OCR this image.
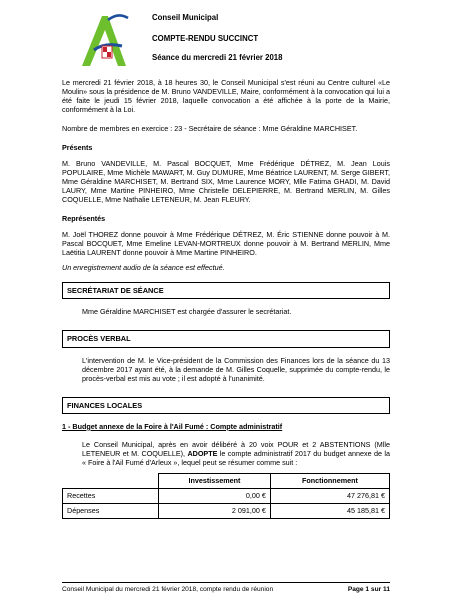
Conseil Municipal
COMPTE-RENDU SUCCINCT
Séance du mercredi 21 février 2018

Le mercredi 21 février 2018, à 18 heures 30, le Conseil Municipal s'est réuni au Centre culturel «Le Moulin» sous la présidence de M. Bruno VANDEVILLE, Maire, conformément à la convocation qui lui a été faite le jeudi 15 février 2018, laquelle convocation a été affichée à la porte de la Mairie, conformément à la Loi.

Nombre de membres en exercice : 23 - Secrétaire de séance : Mme Géraldine MARCHISET.

Présents

M. Bruno VANDEVILLE, M. Pascal BOCQUET, Mme Frédérique DÉTREZ, M. Jean Louis POPULAIRE, Mme Michèle MAWART, M. Guy DUMURE, Mme Béatrice LAURENT, M. Serge GIBERT, Mme Géraldine MARCHISET, M. Bertrand SIX, Mme Laurence MORY, Mlle Fatima GHADI, M. David LAURY, Mme Martine PINHEIRO, Mme Christelle DELEPIERRE, M. Bertrand MERLIN, M. Gilles COQUELLE, Mme Nathalie LETENEUR, M. Jean FLEURY.

Représentés

M. Joël THOREZ donne pouvoir à Mme Frédérique DÉTREZ, M. Éric STIENNE donne pouvoir à M. Pascal BOCQUET, Mme Emeline LEVAN-MORTREUX donne pouvoir à M. Bertrand MERLIN, Mme Laëtitia LAURENT donne pouvoir à Mme Martine PINHEIRO.

Un enregistrement audio de la séance est effectué.

SECRÉTARIAT DE SÉANCE

Mme Géraldine MARCHISET est chargée d'assurer le secrétariat.

PROCÈS VERBAL

L'intervention de M. le Vice-président de la Commission des Finances lors de la séance du 13 décembre 2017 ayant été, à la demande de M. Gilles Coquelle, supprimée du compte-rendu, le procès-verbal est mis au vote ; il est adopté à l'unanimité.

FINANCES LOCALES
1 - Budget annexe de la Foire à l'Ail Fumé : Compte administratif

Le Conseil Municipal, après en avoir délibéré à 20 voix POUR et 2 ABSTENTIONS (Mlle LETENEUR et M. COQUELLE), ADOPTE le compte administratif 2017 du budget annexe de la « Foire à l'Ail Fumé d'Arleux », lequel peut se résumer comme suit :

	Investissement	Fonctionnement
Recettes	0,00 €	47 276,81 €
Dépenses	2 091,00 €	45 185,81 €
Conseil Municipal du mercredi 21 février 2018, compte rendu de réunion	Page 1 sur 11
